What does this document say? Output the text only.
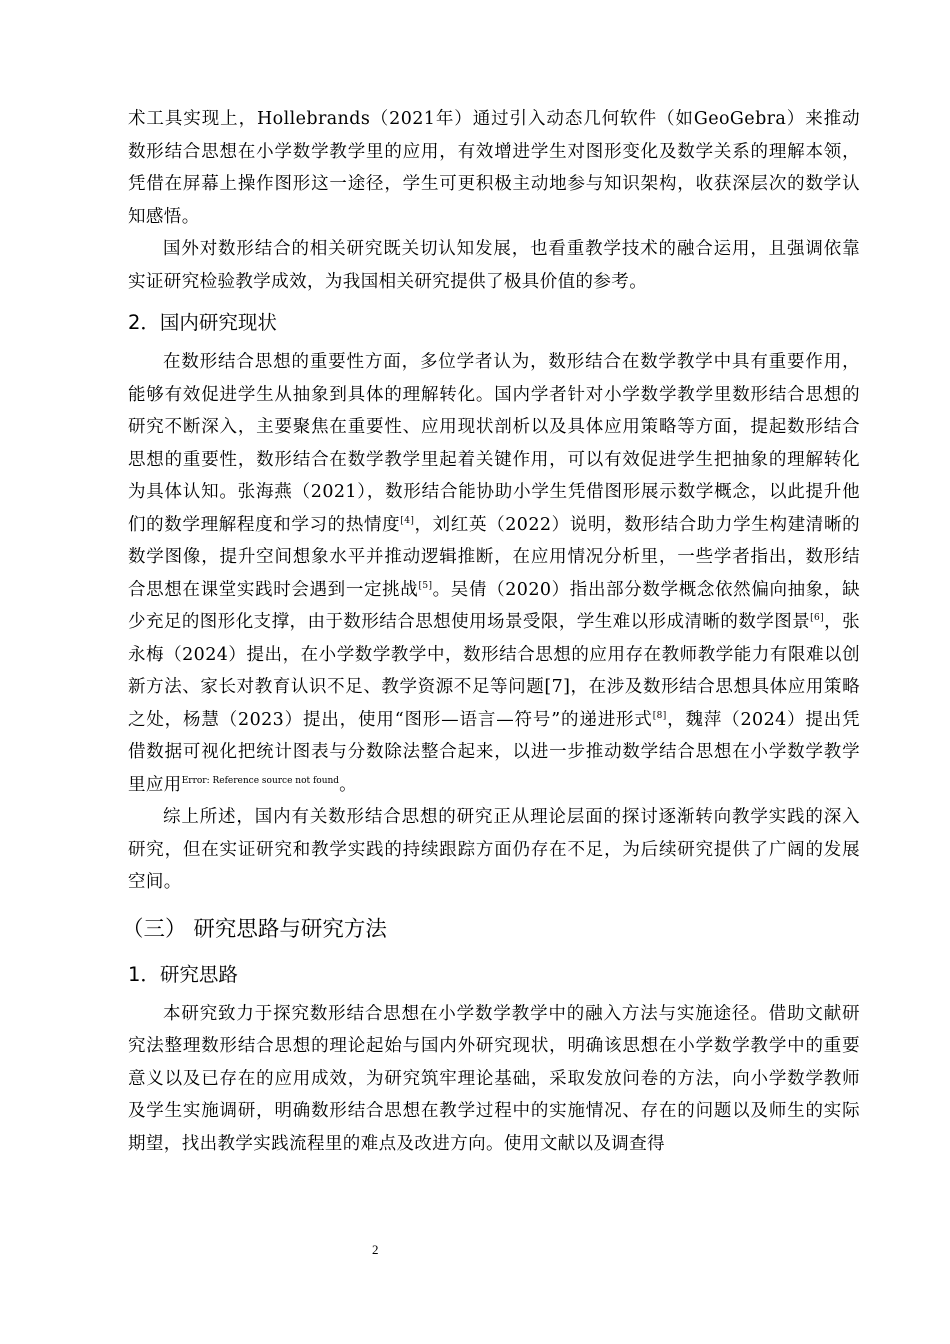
术工具实现上，Hollebrands（2021年）通过引入动态几何软件（如GeoGebra）来推动数形结合思想在小学数学教学里的应用，有效增进学生对图形变化及数学关系的理解本领，凭借在屏幕上操作图形这一途径，学生可更积极主动地参与知识架构，收获深层次的数学认知感悟。

国外对数形结合的相关研究既关切认知发展，也看重教学技术的融合运用，且强调依靠实证研究检验教学成效，为我国相关研究提供了极具价值的参考。

2．国内研究现状

在数形结合思想的重要性方面，多位学者认为，数形结合在数学教学中具有重要作用，能够有效促进学生从抽象到具体的理解转化。国内学者针对小学数学教学里数形结合思想的研究不断深入，主要聚焦在重要性、应用现状剖析以及具体应用策略等方面，提起数形结合思想的重要性，数形结合在数学教学里起着关键作用，可以有效促进学生把抽象的理解转化为具体认知。张海燕（2021），数形结合能协助小学生凭借图形展示数学概念，以此提升他们的数学理解程度和学习的热情度[4]，刘红英（2022）说明，数形结合助力学生构建清晰的数学图像，提升空间想象水平并推动逻辑推断，在应用情况分析里，一些学者指出，数形结合思想在课堂实践时会遇到一定挑战[5]。吴倩（2020）指出部分数学概念依然偏向抽象，缺少充足的图形化支撑，由于数形结合思想使用场景受限，学生难以形成清晰的数学图景[6]，张永梅（2024）提出，在小学数学教学中，数形结合思想的应用存在教师教学能力有限难以创新方法、家长对教育认识不足、教学资源不足等问题[7]，在涉及数形结合思想具体应用策略之处，杨慧（2023）提出，使用“图形—语言—符号”的递进形式[8]，魏萍（2024）提出凭借数据可视化把统计图表与分数除法整合起来，以进一步推动数学结合思想在小学数学教学里应用$^{Error: Reference source not found}$。

综上所述，国内有关数形结合思想的研究正从理论层面的探讨逐渐转向教学实践的深入研究，但在实证研究和教学实践的持续跟踪方面仍存在不足，为后续研究提供了广阔的发展空间。

（三） 研究思路与研究方法
1．研究思路

本研究致力于探究数形结合思想在小学数学教学中的融入方法与实施途径。借助文献研究法整理数形结合思想的理论起始与国内外研究现状，明确该思想在小学数学教学中的重要意义以及已存在的应用成效，为研究筑牢理论基础，采取发放问卷的方法，向小学数学教师及学生实施调研，明确数形结合思想在教学过程中的实施情况、存在的问题以及师生的实际期望，找出教学实践流程里的难点及改进方向。使用文献以及调查得

2
